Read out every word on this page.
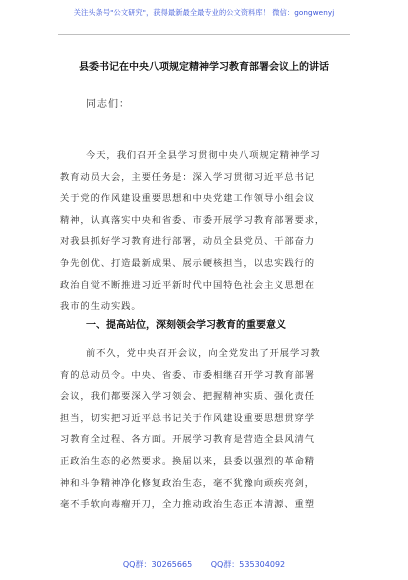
关注头条号"公文研究"，获得最新最全最专业的公文资料库！ 微信：gongwenyj
县委书记在中央八项规定精神学习教育部署会议上的讲话
同志们：
今天，我们召开全县学习贯彻中央八项规定精神学习
教育动员大会，主要任务是：深入学习贯彻习近平总书记
关于党的作风建设重要思想和中央党建工作领导小组会议
精神，认真落实中央和省委、市委开展学习教育部署要求，
对我县抓好学习教育进行部署，动员全县党员、干部奋力
争先创优、打造最新成果、展示硬核担当，以忠实践行的
政治自觉不断推进习近平新时代中国特色社会主义思想在
我市的生动实践。
一、提高站位，深刻领会学习教育的重要意义
前不久，党中央召开会议，向全党发出了开展学习教
育的总动员令。中央、省委、市委相继召开学习教育部署
会议，我们都要深入学习领会、把握精神实质、强化责任
担当，切实把习近平总书记关于作风建设重要思想贯穿学
习教育全过程、各方面。开展学习教育是营造全县风清气
正政治生态的必然要求。换届以来，县委以强烈的革命精
神和斗争精神净化修复政治生态，毫不犹豫向顽疾亮剑，
毫不手软向毒瘤开刀，全力推动政治生态正本清源、重塑
QQ群：30265665 QQ群：535304092
